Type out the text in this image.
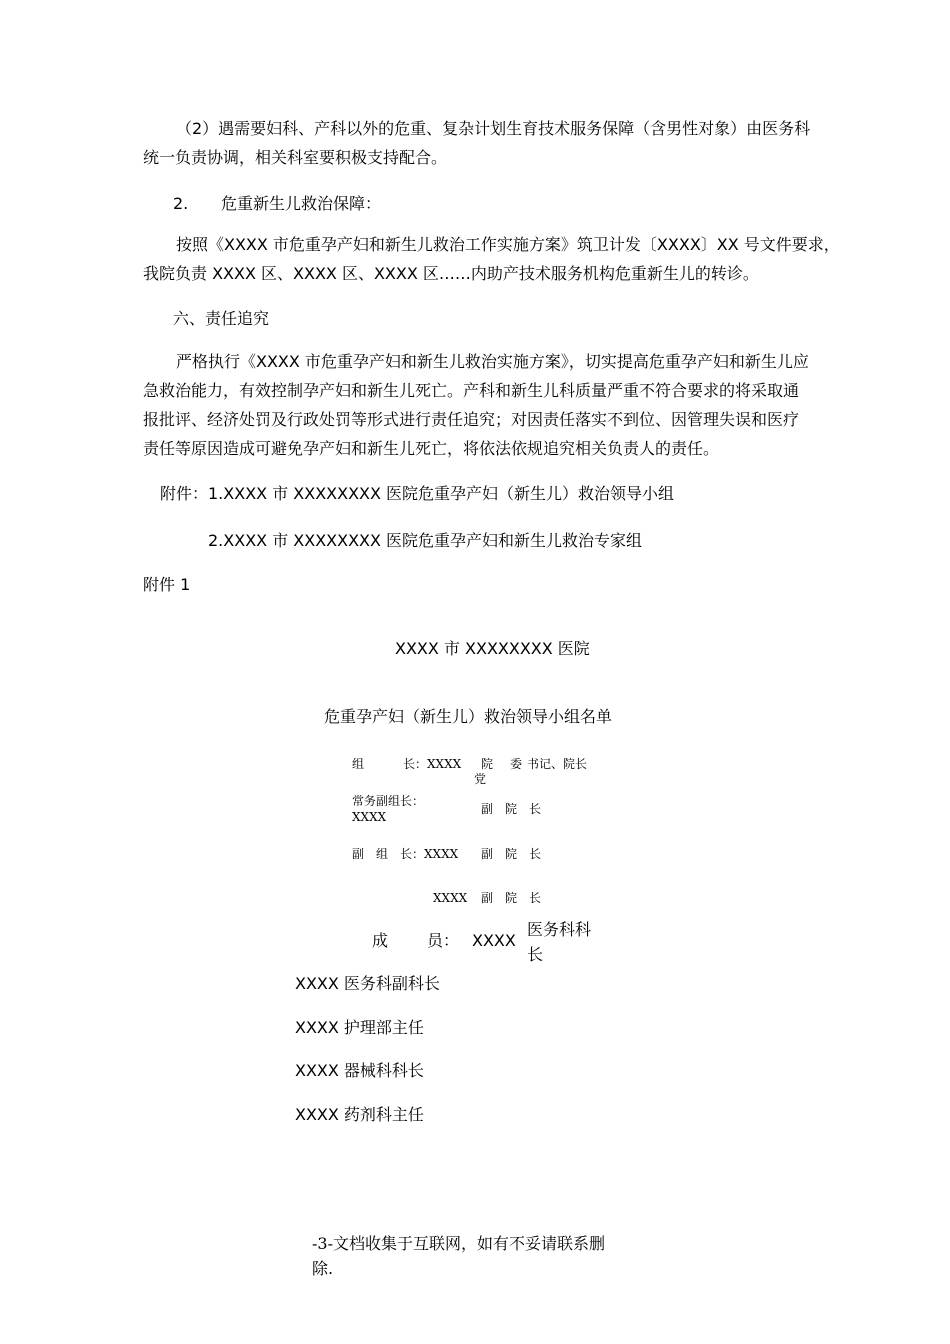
（2）遇需要妇科、产科以外的危重、复杂计划生育技术服务保障（含男性对象）由医务科
统一负责协调，相关科室要积极支持配合。
2. 危重新生儿救治保障：
按照《XXXX 市危重孕产妇和新生儿救治工作实施方案》筑卫计发〔XXXX〕XX 号文件要求，
我院负责 XXXX 区、XXXX 区、XXXX 区……内助产技术服务机构危重新生儿的转诊。
六、责任追究
严格执行《XXXX 市危重孕产妇和新生儿救治实施方案》，切实提高危重孕产妇和新生儿应
急救治能力，有效控制孕产妇和新生儿死亡。产科和新生儿科质量严重不符合要求的将采取通
报批评、经济处罚及行政处罚等形式进行责任追究；对因责任落实不到位、因管理失误和医疗
责任等原因造成可避免孕产妇和新生儿死亡，将依法依规追究相关负责人的责任。
附件：1.XXXX 市 XXXXXXXX 医院危重孕产妇（新生儿）救治领导小组
2.XXXX 市 XXXXXXXX 医院危重孕产妇和新生儿救治专家组
附件 1
XXXX 市 XXXXXXXX 医院
危重孕产妇（新生儿）救治领导小组名单
组	长：XXXX 院
党
委 书记、院长
常务副组长：
XXXX
副　院　长
副　组　长：XXXX 副　院　长
XXXX 副　院　长
成 员： XXXX
医务科科
长
XXXX 医务科副科长
XXXX 护理部主任
XXXX 器械科科长
XXXX 药剂科主任
-3-文档收集于互联网，如有不妥请联系删
除.
